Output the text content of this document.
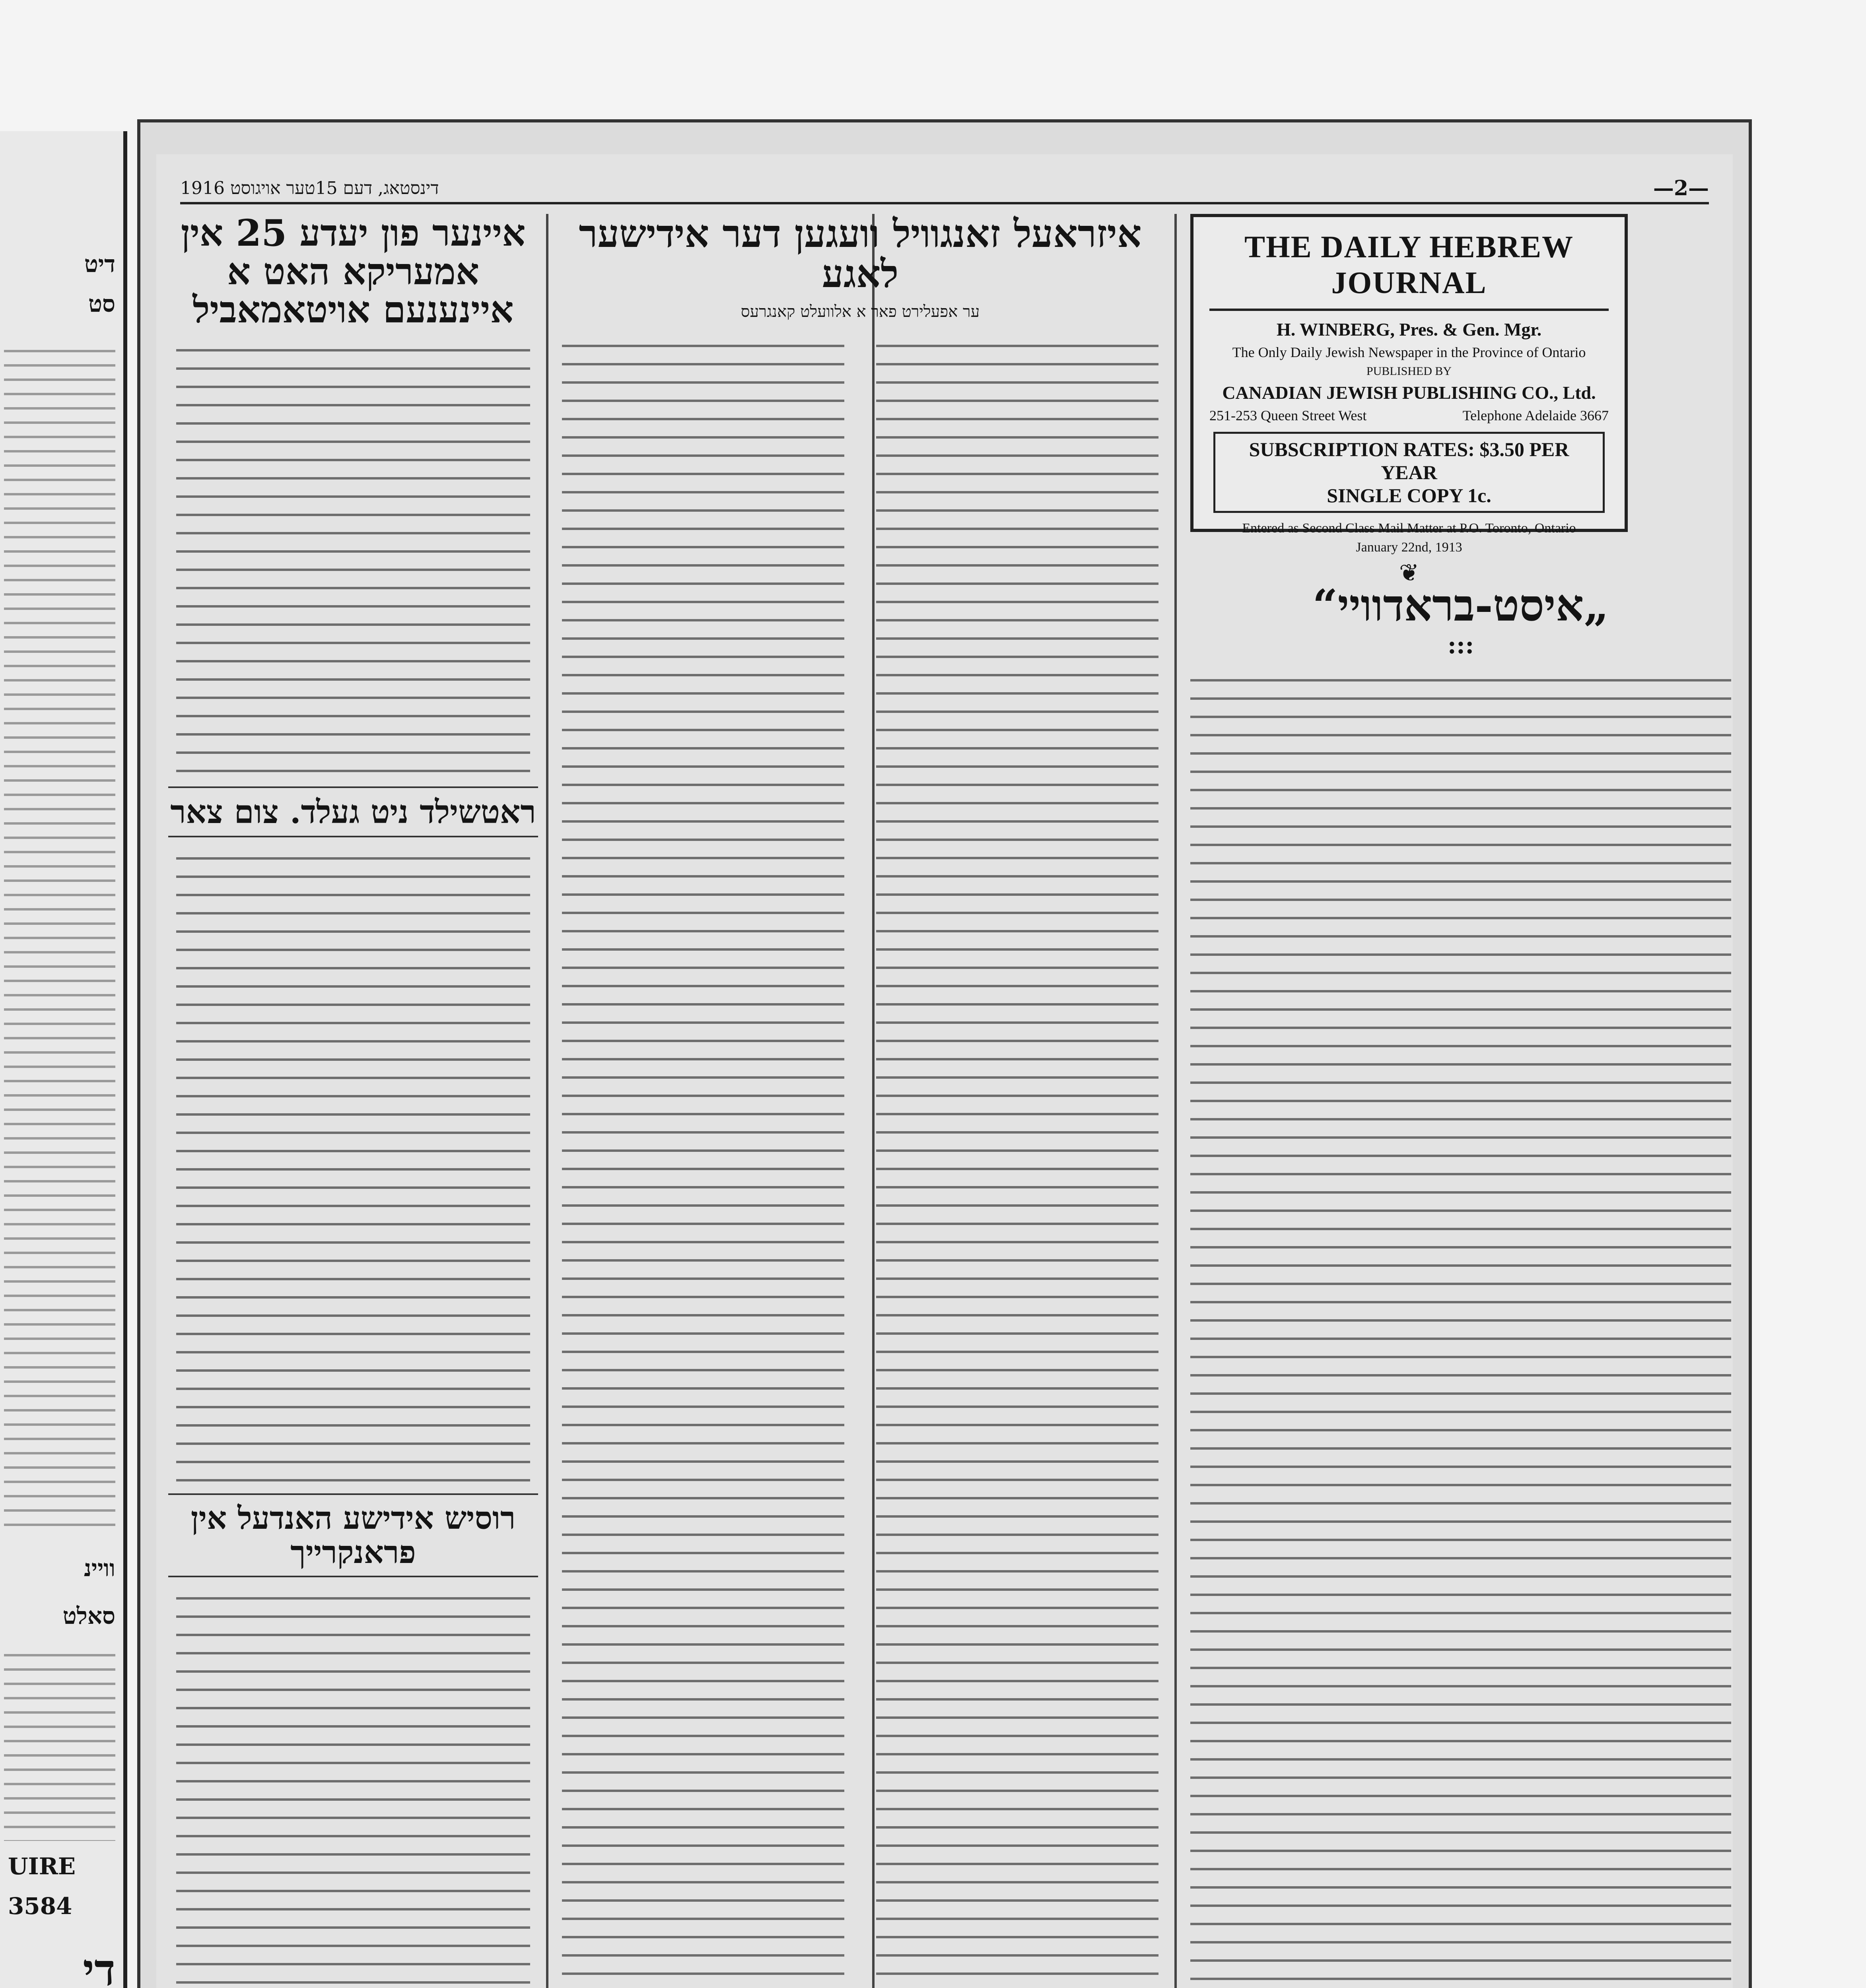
דיט
סט
וויינ
סאלט
UIRE
3584
די
דינסטאג, דעם 15טער אויגוסט 1916	—2—
איינער פון יעדע 25 אין אמעריקא האט א איינענעם אויטאמאביל
ראטשילד ניט געלד. צום צאר
רוסיש אידישע האנדעל אין פראנקרייך
איזראעל זאנגוויל וועגען דער אידישער לאגע
ער אפעלירט פאר א אלוועלט קאנגרעס
„איסט-בראדוויי“
:::
THE DAILY HEBREW JOURNAL
H. WINBERG, Pres. & Gen. Mgr.
The Only Daily Jewish Newspaper in the Province of Ontario
PUBLISHED BY
CANADIAN JEWISH PUBLISHING CO., Ltd.
251-253 Queen Street West	Telephone Adelaide 3667
SUBSCRIPTION RATES: $3.50 PER YEAR
SINGLE COPY 1c.
Entered as Second Class Mail Matter at P.O. Toronto, Ontario
January 22nd, 1913
❦
